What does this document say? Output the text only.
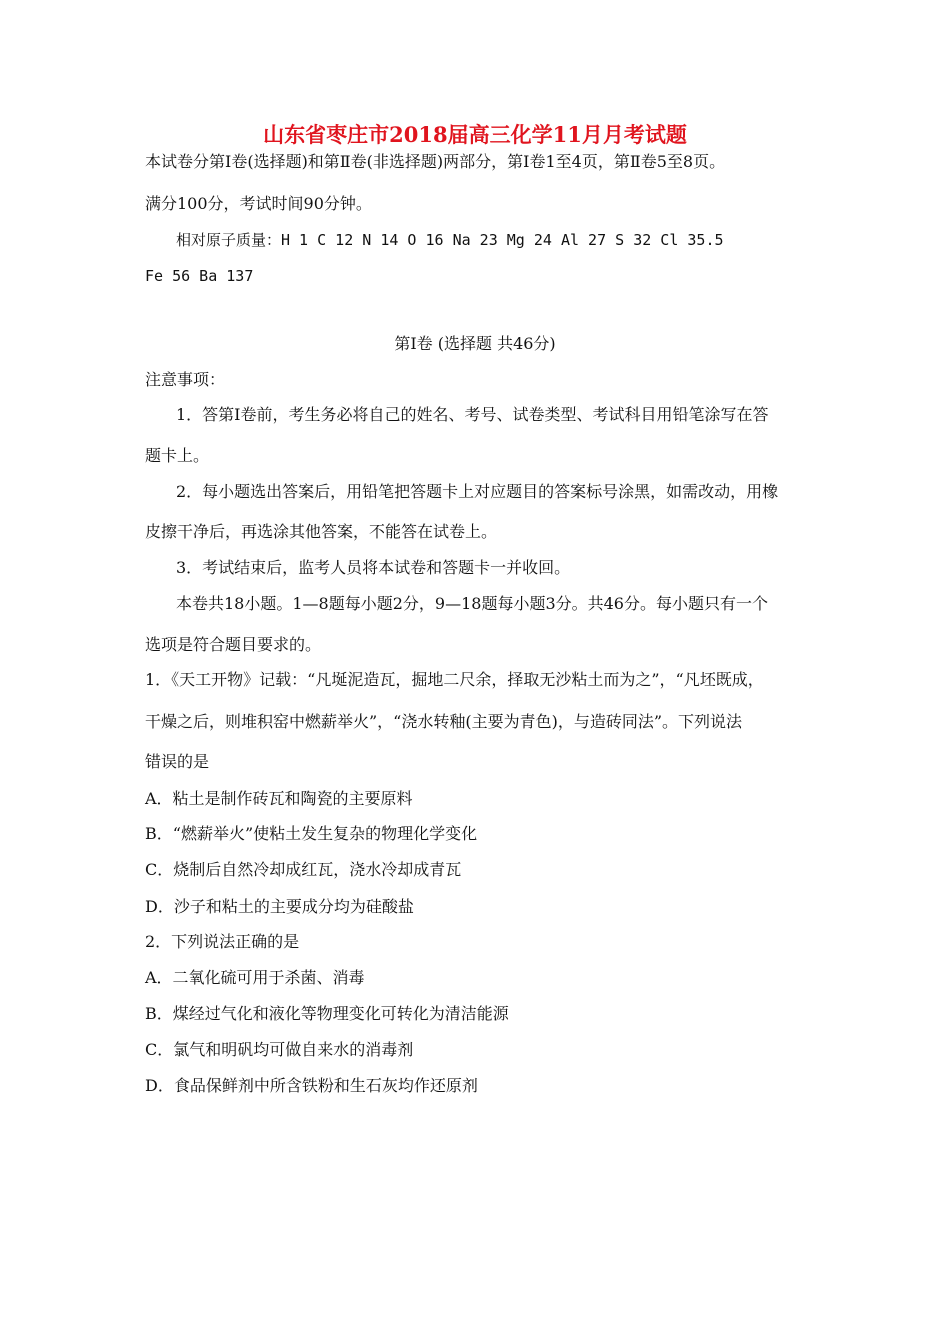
山东省枣庄市2018届高三化学11月月考试题
本试卷分第Ⅰ卷(选择题)和第Ⅱ卷(非选择题)两部分，第Ⅰ卷1至4页，第Ⅱ卷5至8页。
满分100分，考试时间90分钟。
相对原子质量：H 1 C 12 N 14 O 16 Na 23 Mg 24 Al 27 S 32 Cl 35.5
Fe 56 Ba 137
第Ⅰ卷 (选择题 共46分)
注意事项：
1．答第Ⅰ卷前，考生务必将自己的姓名、考号、试卷类型、考试科目用铅笔涂写在答
题卡上。
2．每小题选出答案后，用铅笔把答题卡上对应题目的答案标号涂黑，如需改动，用橡
皮擦干净后，再选涂其他答案，不能答在试卷上。
3．考试结束后，监考人员将本试卷和答题卡一并收回。
本卷共18小题。1—8题每小题2分，9—18题每小题3分。共46分。每小题只有一个
选项是符合题目要求的。
1．《天工开物》记载：“凡埏泥造瓦，掘地二尺余，择取无沙粘土而为之”，“凡坯既成，
干燥之后，则堆积窑中燃薪举火”，“浇水转釉(主要为青色)，与造砖同法”。下列说法
错误的是
A．粘土是制作砖瓦和陶瓷的主要原料
B．“燃薪举火”使粘土发生复杂的物理化学变化
C．烧制后自然冷却成红瓦，浇水冷却成青瓦
D．沙子和粘土的主要成分均为硅酸盐
2．下列说法正确的是
A．二氧化硫可用于杀菌、消毒
B．煤经过气化和液化等物理变化可转化为清洁能源
C．氯气和明矾均可做自来水的消毒剂
D．食品保鲜剂中所含铁粉和生石灰均作还原剂
